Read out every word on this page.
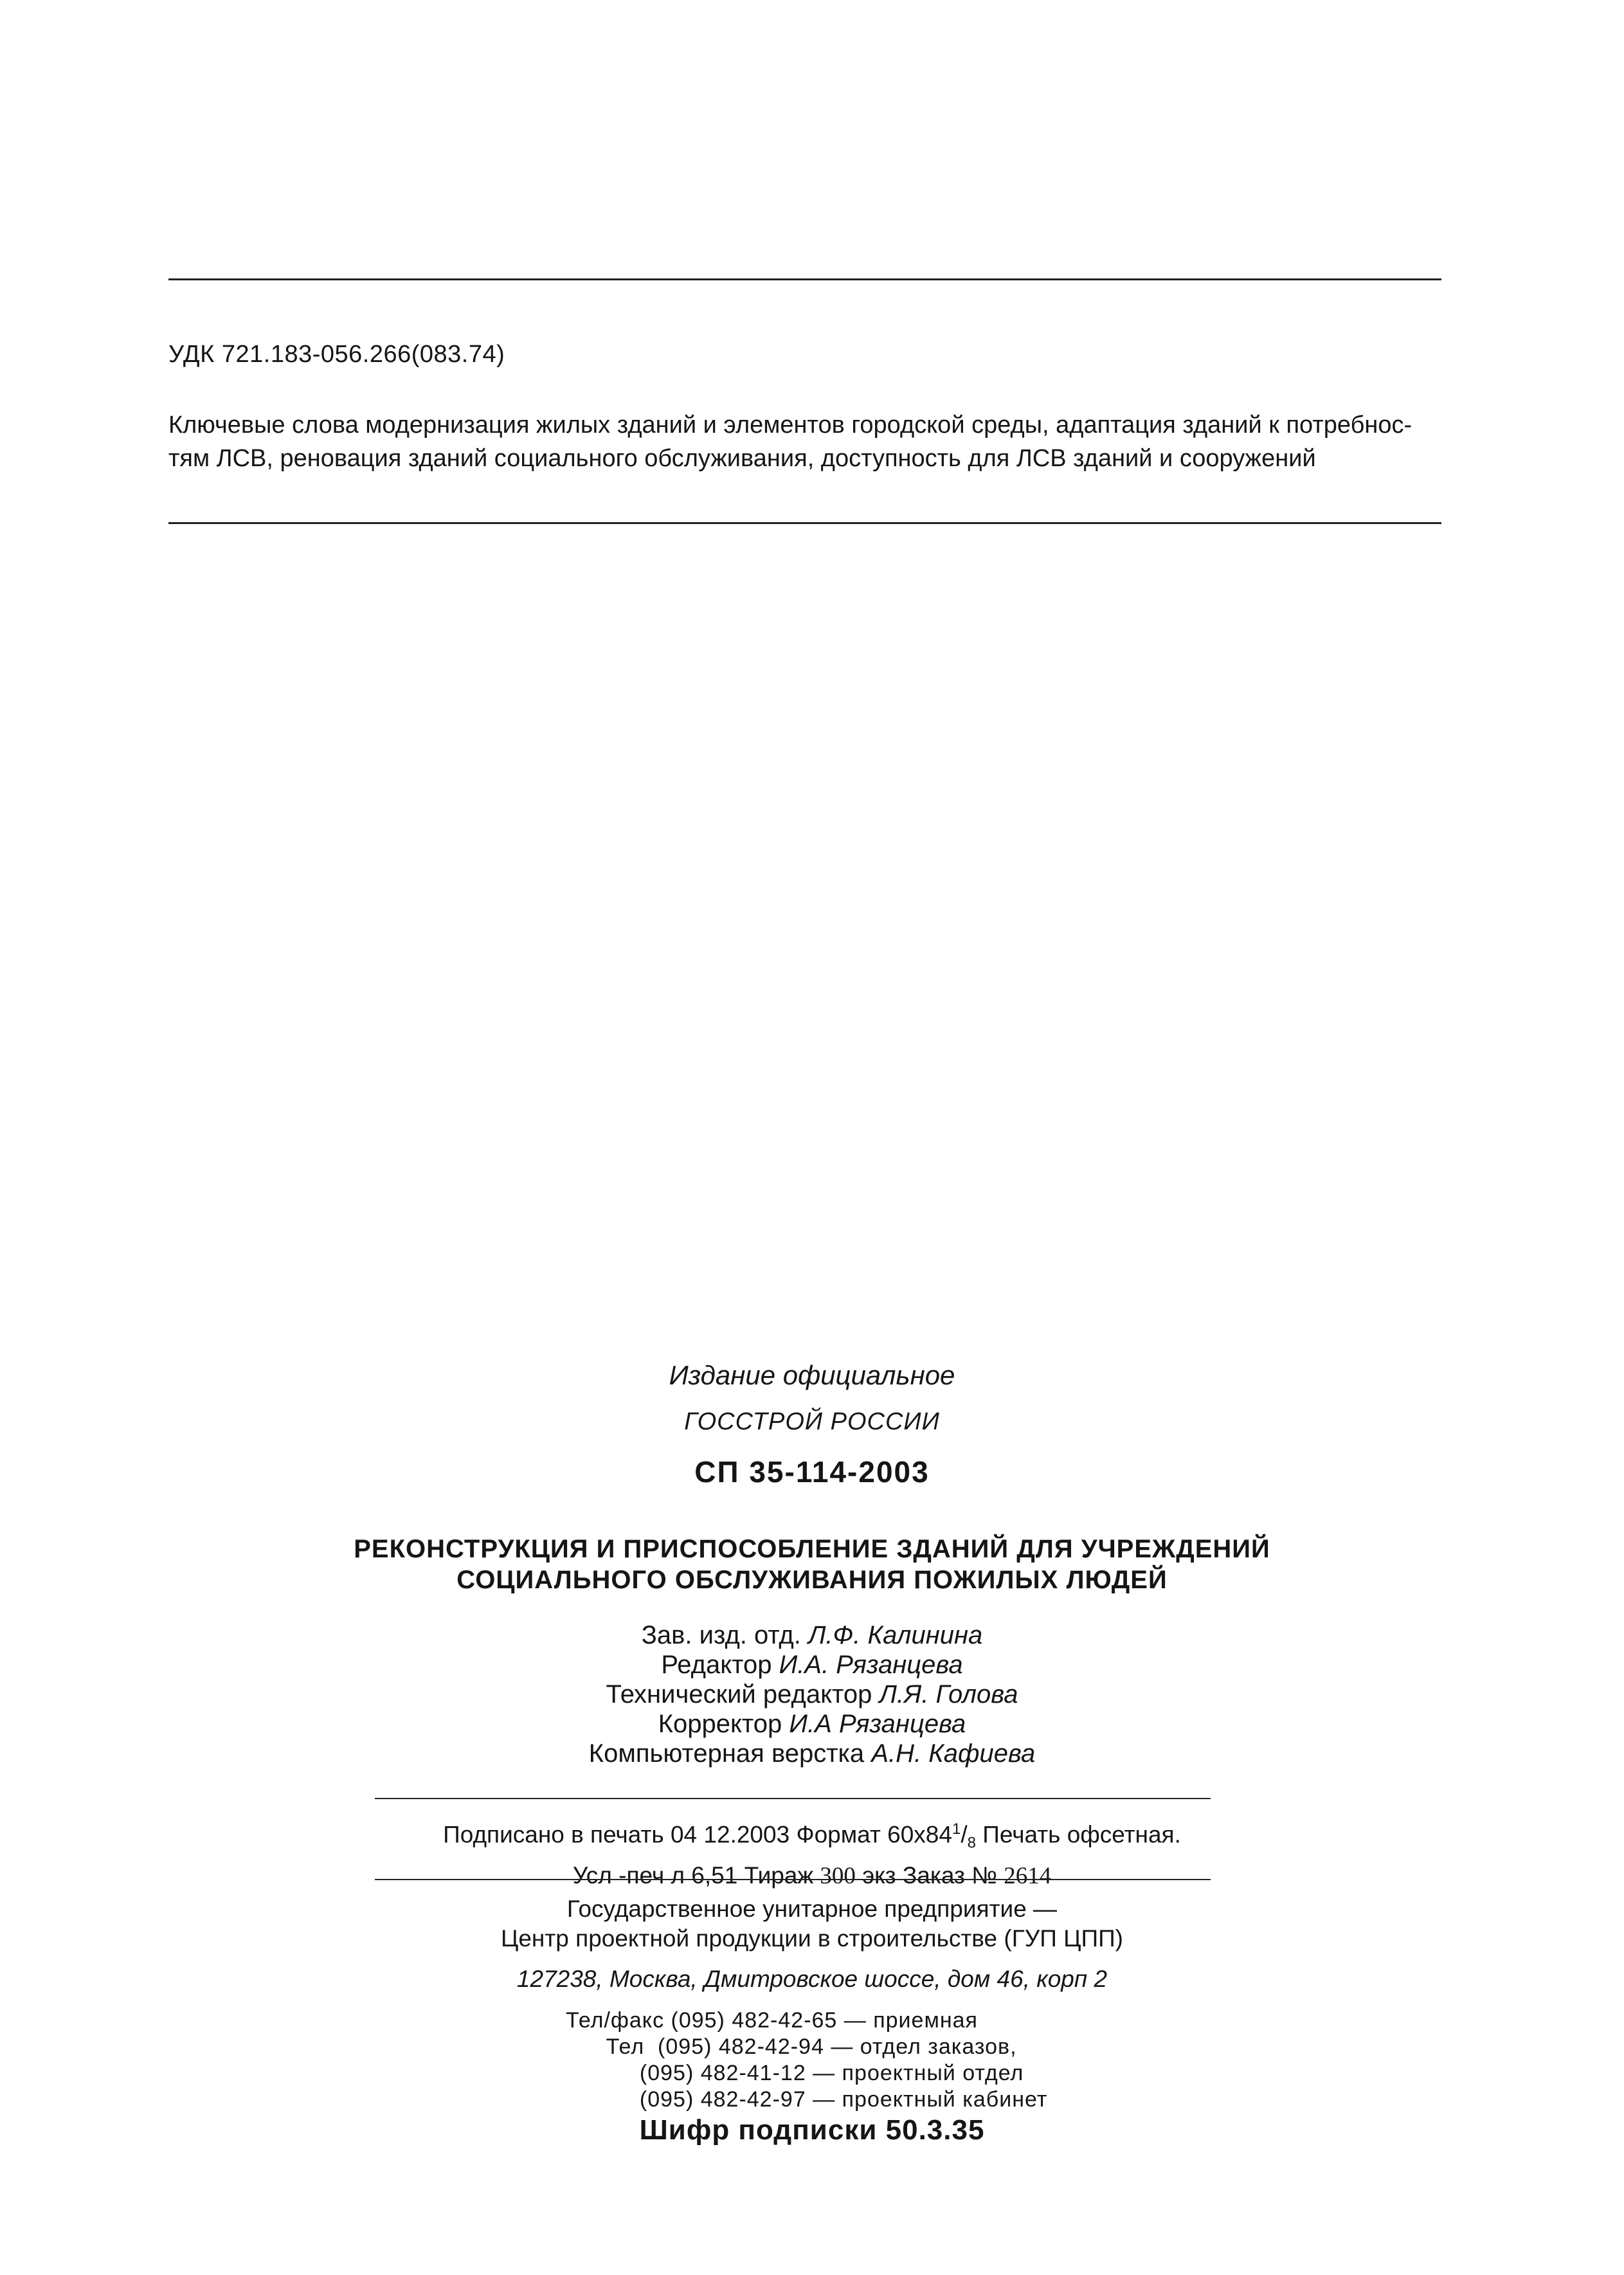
УДК 721.183-056.266(083.74)
Ключевые слова модернизация жилых зданий и элементов городской среды, адаптация зданий к потребнос-
тям ЛСВ, реновация зданий социального обслуживания, доступность для ЛСВ зданий и сооружений
Издание официальное
ГОССТРОЙ РОССИИ
СП 35-114-2003
РЕКОНСТРУКЦИЯ И ПРИСПОСОБЛЕНИЕ ЗДАНИЙ ДЛЯ УЧРЕЖДЕНИЙ
СОЦИАЛЬНОГО ОБСЛУЖИВАНИЯ ПОЖИЛЫХ ЛЮДЕЙ
Зав. изд. отд. Л.Ф. Калинина
Редактор И.А. Рязанцева
Технический редактор Л.Я. Голова
Корректор И.А Рязанцева
Компьютерная верстка А.Н. Кафиева
Подписано в печать 04 12.2003 Формат $60х84^1/_8$ Печать офсетная.
Усл -печ л 6,51 Тираж 300 экз Заказ № 2614
Государственное унитарное предприятие —
Центр проектной продукции в строительстве (ГУП ЦПП)
127238, Москва, Дмитровское шоссе, дом 46, корп 2
Тел/факс (095) 482-42-65 — приемная
Тел  (095) 482-42-94 — отдел заказов,
(095) 482-41-12 — проектный отдел
(095) 482-42-97 — проектный кабинет
Шифр подписки 50.3.35
